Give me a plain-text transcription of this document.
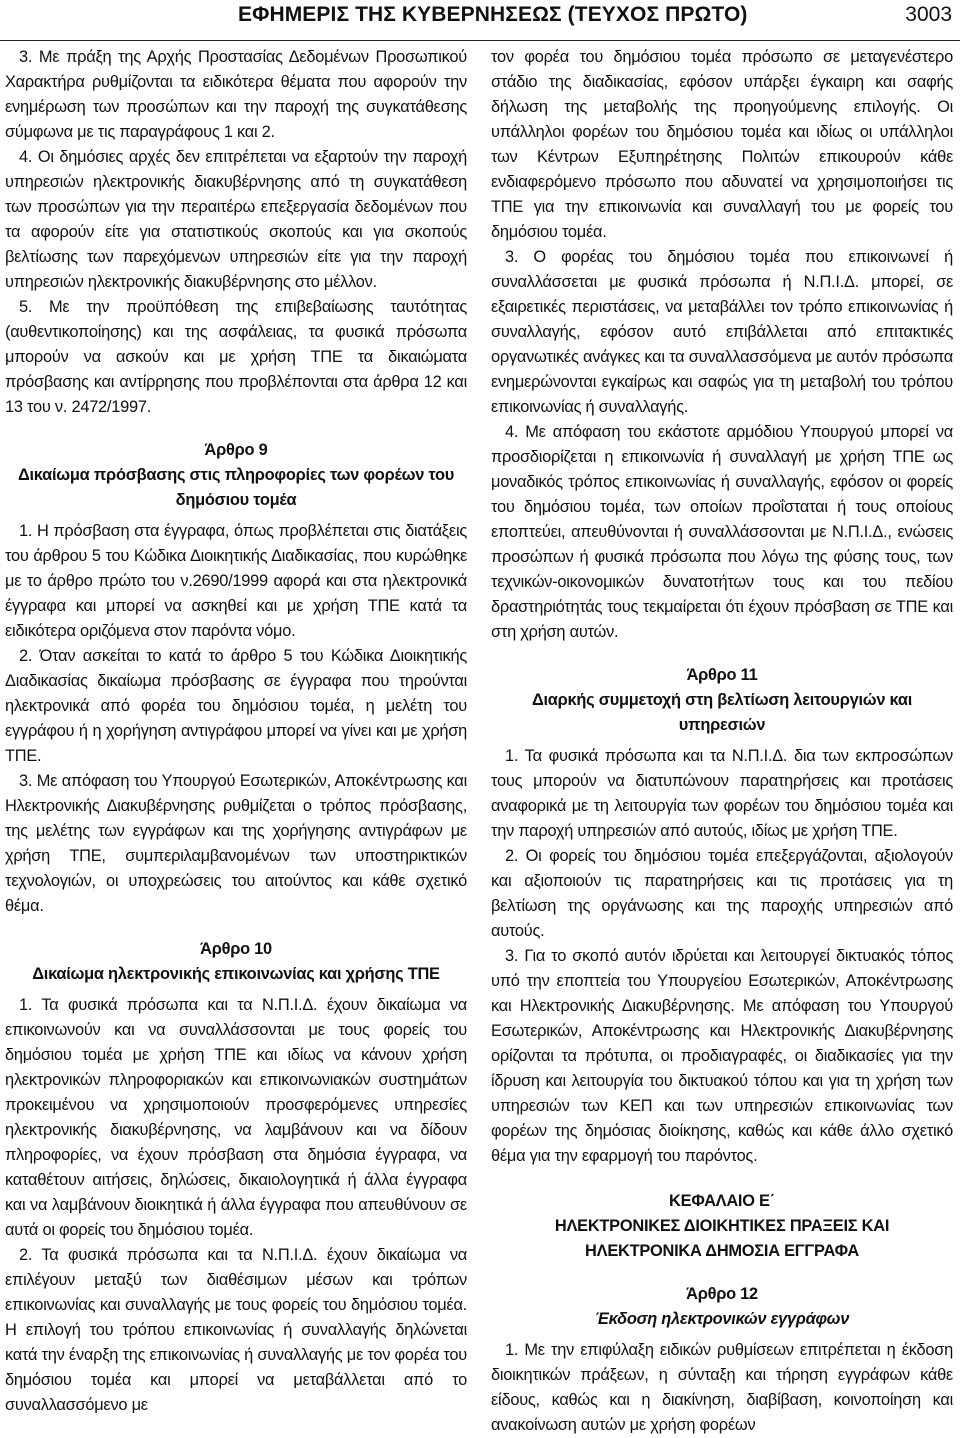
ΕΦΗΜΕΡΙΣ ΤΗΣ ΚΥΒΕΡΝΗΣΕΩΣ (ΤΕΥΧΟΣ ΠΡΩΤΟ)	3003

3. Με πράξη της Αρχής Προστασίας Δεδομένων Προσωπικού Χαρακτήρα ρυθμίζονται τα ειδικότερα θέματα που αφορούν την ενημέρωση των προσώπων και την παροχή της συγκατάθεσης σύμφωνα με τις παραγράφους 1 και 2.

4. Οι δημόσιες αρχές δεν επιτρέπεται να εξαρτούν την παροχή υπηρεσιών ηλεκτρονικής διακυβέρνησης από τη συγκατάθεση των προσώπων για την περαιτέρω επεξεργασία δεδομένων που τα αφορούν είτε για στατιστικούς σκοπούς και για σκοπούς βελτίωσης των παρεχόμενων υπηρεσιών είτε για την παροχή υπηρεσιών ηλεκτρονικής διακυβέρνησης στο μέλλον.

5. Με την προϋπόθεση της επιβεβαίωσης ταυτότητας (αυθεντικοποίησης) και της ασφάλειας, τα φυσικά πρόσωπα μπορούν να ασκούν και με χρήση ΤΠΕ τα δικαιώματα πρόσβασης και αντίρρησης που προβλέπονται στα άρθρα 12 και 13 του ν. 2472/1997.

Άρθρο 9
Δικαίωμα πρόσβασης στις πληροφορίες των φορέων του δημόσιου τομέα

1. Η πρόσβαση στα έγγραφα, όπως προβλέπεται στις διατάξεις του άρθρου 5 του Κώδικα Διοικητικής Διαδικασίας, που κυρώθηκε με το άρθρο πρώτο του ν.2690/1999 αφορά και στα ηλεκτρονικά έγγραφα και μπορεί να ασκηθεί και με χρήση ΤΠΕ κατά τα ειδικότερα οριζόμενα στον παρόντα νόμο.

2. Όταν ασκείται το κατά το άρθρο 5 του Κώδικα Διοικητικής Διαδικασίας δικαίωμα πρόσβασης σε έγγραφα που τηρούνται ηλεκτρονικά από φορέα του δημόσιου τομέα, η μελέτη του εγγράφου ή η χορήγηση αντιγράφου μπορεί να γίνει και με χρήση ΤΠΕ.

3. Με απόφαση του Υπουργού Εσωτερικών, Αποκέντρωσης και Ηλεκτρονικής Διακυβέρνησης ρυθμίζεται ο τρόπος πρόσβασης, της μελέτης των εγγράφων και της χορήγησης αντιγράφων με χρήση ΤΠΕ, συμπεριλαμβανομένων των υποστηρικτικών τεχνολογιών, οι υποχρεώσεις του αιτούντος και κάθε σχετικό θέμα.

Άρθρο 10
Δικαίωμα ηλεκτρονικής επικοινωνίας και χρήσης ΤΠΕ

1. Τα φυσικά πρόσωπα και τα Ν.Π.Ι.Δ. έχουν δικαίωμα να επικοινωνούν και να συναλλάσσονται με τους φορείς του δημόσιου τομέα με χρήση ΤΠΕ και ιδίως να κάνουν χρήση ηλεκτρονικών πληροφοριακών και επικοινωνιακών συστημάτων προκειμένου να χρησιμοποιούν προσφερόμενες υπηρεσίες ηλεκτρονικής διακυβέρνησης, να λαμβάνουν και να δίδουν πληροφορίες, να έχουν πρόσβαση στα δημόσια έγγραφα, να καταθέτουν αιτήσεις, δηλώσεις, δικαιολογητικά ή άλλα έγγραφα και να λαμβάνουν διοικητικά ή άλλα έγγραφα που απευθύνουν σε αυτά οι φορείς του δημόσιου τομέα.

2. Τα φυσικά πρόσωπα και τα Ν.Π.Ι.Δ. έχουν δικαίωμα να επιλέγουν μεταξύ των διαθέσιμων μέσων και τρόπων επικοινωνίας και συναλλαγής με τους φορείς του δημόσιου τομέα. Η επιλογή του τρόπου επικοινωνίας ή συναλλαγής δηλώνεται κατά την έναρξη της επικοινωνίας ή συναλλαγής με τον φορέα του δημόσιου τομέα και μπορεί να μεταβάλλεται από το συναλλασσόμενο με

τον φορέα του δημόσιου τομέα πρόσωπο σε μεταγενέστερο στάδιο της διαδικασίας, εφόσον υπάρξει έγκαιρη και σαφής δήλωση της μεταβολής της προηγούμενης επιλογής. Οι υπάλληλοι φορέων του δημόσιου τομέα και ιδίως οι υπάλληλοι των Κέντρων Εξυπηρέτησης Πολιτών επικουρούν κάθε ενδιαφερόμενο πρόσωπο που αδυνατεί να χρησιμοποιήσει τις ΤΠΕ για την επικοινωνία και συναλλαγή του με φορείς του δημόσιου τομέα.

3. Ο φορέας του δημόσιου τομέα που επικοινωνεί ή συναλλάσσεται με φυσικά πρόσωπα ή Ν.Π.Ι.Δ. μπορεί, σε εξαιρετικές περιστάσεις, να μεταβάλλει τον τρόπο επικοινωνίας ή συναλλαγής, εφόσον αυτό επιβάλλεται από επιτακτικές οργανωτικές ανάγκες και τα συναλλασσόμενα με αυτόν πρόσωπα ενημερώνονται εγκαίρως και σαφώς για τη μεταβολή του τρόπου επικοινωνίας ή συναλλαγής.

4. Με απόφαση του εκάστοτε αρμόδιου Υπουργού μπορεί να προσδιορίζεται η επικοινωνία ή συναλλαγή με χρήση ΤΠΕ ως μοναδικός τρόπος επικοινωνίας ή συναλλαγής, εφόσον οι φορείς του δημόσιου τομέα, των οποίων προΐσταται ή τους οποίους εποπτεύει, απευθύνονται ή συναλλάσσονται με Ν.Π.Ι.Δ., ενώσεις προσώπων ή φυσικά πρόσωπα που λόγω της φύσης τους, των τεχνικών-οικονομικών δυνατοτήτων τους και του πεδίου δραστηριότητάς τους τεκμαίρεται ότι έχουν πρόσβαση σε ΤΠΕ και στη χρήση αυτών.

Άρθρο 11
Διαρκής συμμετοχή στη βελτίωση λειτουργιών και υπηρεσιών

1. Τα φυσικά πρόσωπα και τα Ν.Π.Ι.Δ. δια των εκπροσώπων τους μπορούν να διατυπώνουν παρατηρήσεις και προτάσεις αναφορικά με τη λειτουργία των φορέων του δημόσιου τομέα και την παροχή υπηρεσιών από αυτούς, ιδίως με χρήση ΤΠΕ.

2. Οι φορείς του δημόσιου τομέα επεξεργάζονται, αξιολογούν και αξιοποιούν τις παρατηρήσεις και τις προτάσεις για τη βελτίωση της οργάνωσης και της παροχής υπηρεσιών από αυτούς.

3. Για το σκοπό αυτόν ιδρύεται και λειτουργεί δικτυακός τόπος υπό την εποπτεία του Υπουργείου Εσωτερικών, Αποκέντρωσης και Ηλεκτρονικής Διακυβέρνησης. Με απόφαση του Υπουργού Εσωτερικών, Αποκέντρωσης και Ηλεκτρονικής Διακυβέρνησης ορίζονται τα πρότυπα, οι προδιαγραφές, οι διαδικασίες για την ίδρυση και λειτουργία του δικτυακού τόπου και για τη χρήση των υπηρεσιών των ΚΕΠ και των υπηρεσιών επικοινωνίας των φορέων της δημόσιας διοίκησης, καθώς και κάθε άλλο σχετικό θέμα για την εφαρμογή του παρόντος.

ΚΕΦΑΛΑΙΟ Ε΄
ΗΛΕΚΤΡΟΝΙΚΕΣ ΔΙΟΙΚΗΤΙΚΕΣ ΠΡΑΞΕΙΣ ΚΑΙ
ΗΛΕΚΤΡΟΝΙΚΑ ΔΗΜΟΣΙΑ ΕΓΓΡΑΦΑ
Άρθρο 12
Έκδοση ηλεκτρονικών εγγράφων

1. Με την επιφύλαξη ειδικών ρυθμίσεων επιτρέπεται η έκδοση διοικητικών πράξεων, η σύνταξη και τήρηση εγγράφων κάθε είδους, καθώς και η διακίνηση, διαβίβαση, κοινοποίηση και ανακοίνωση αυτών με χρήση φορέων
